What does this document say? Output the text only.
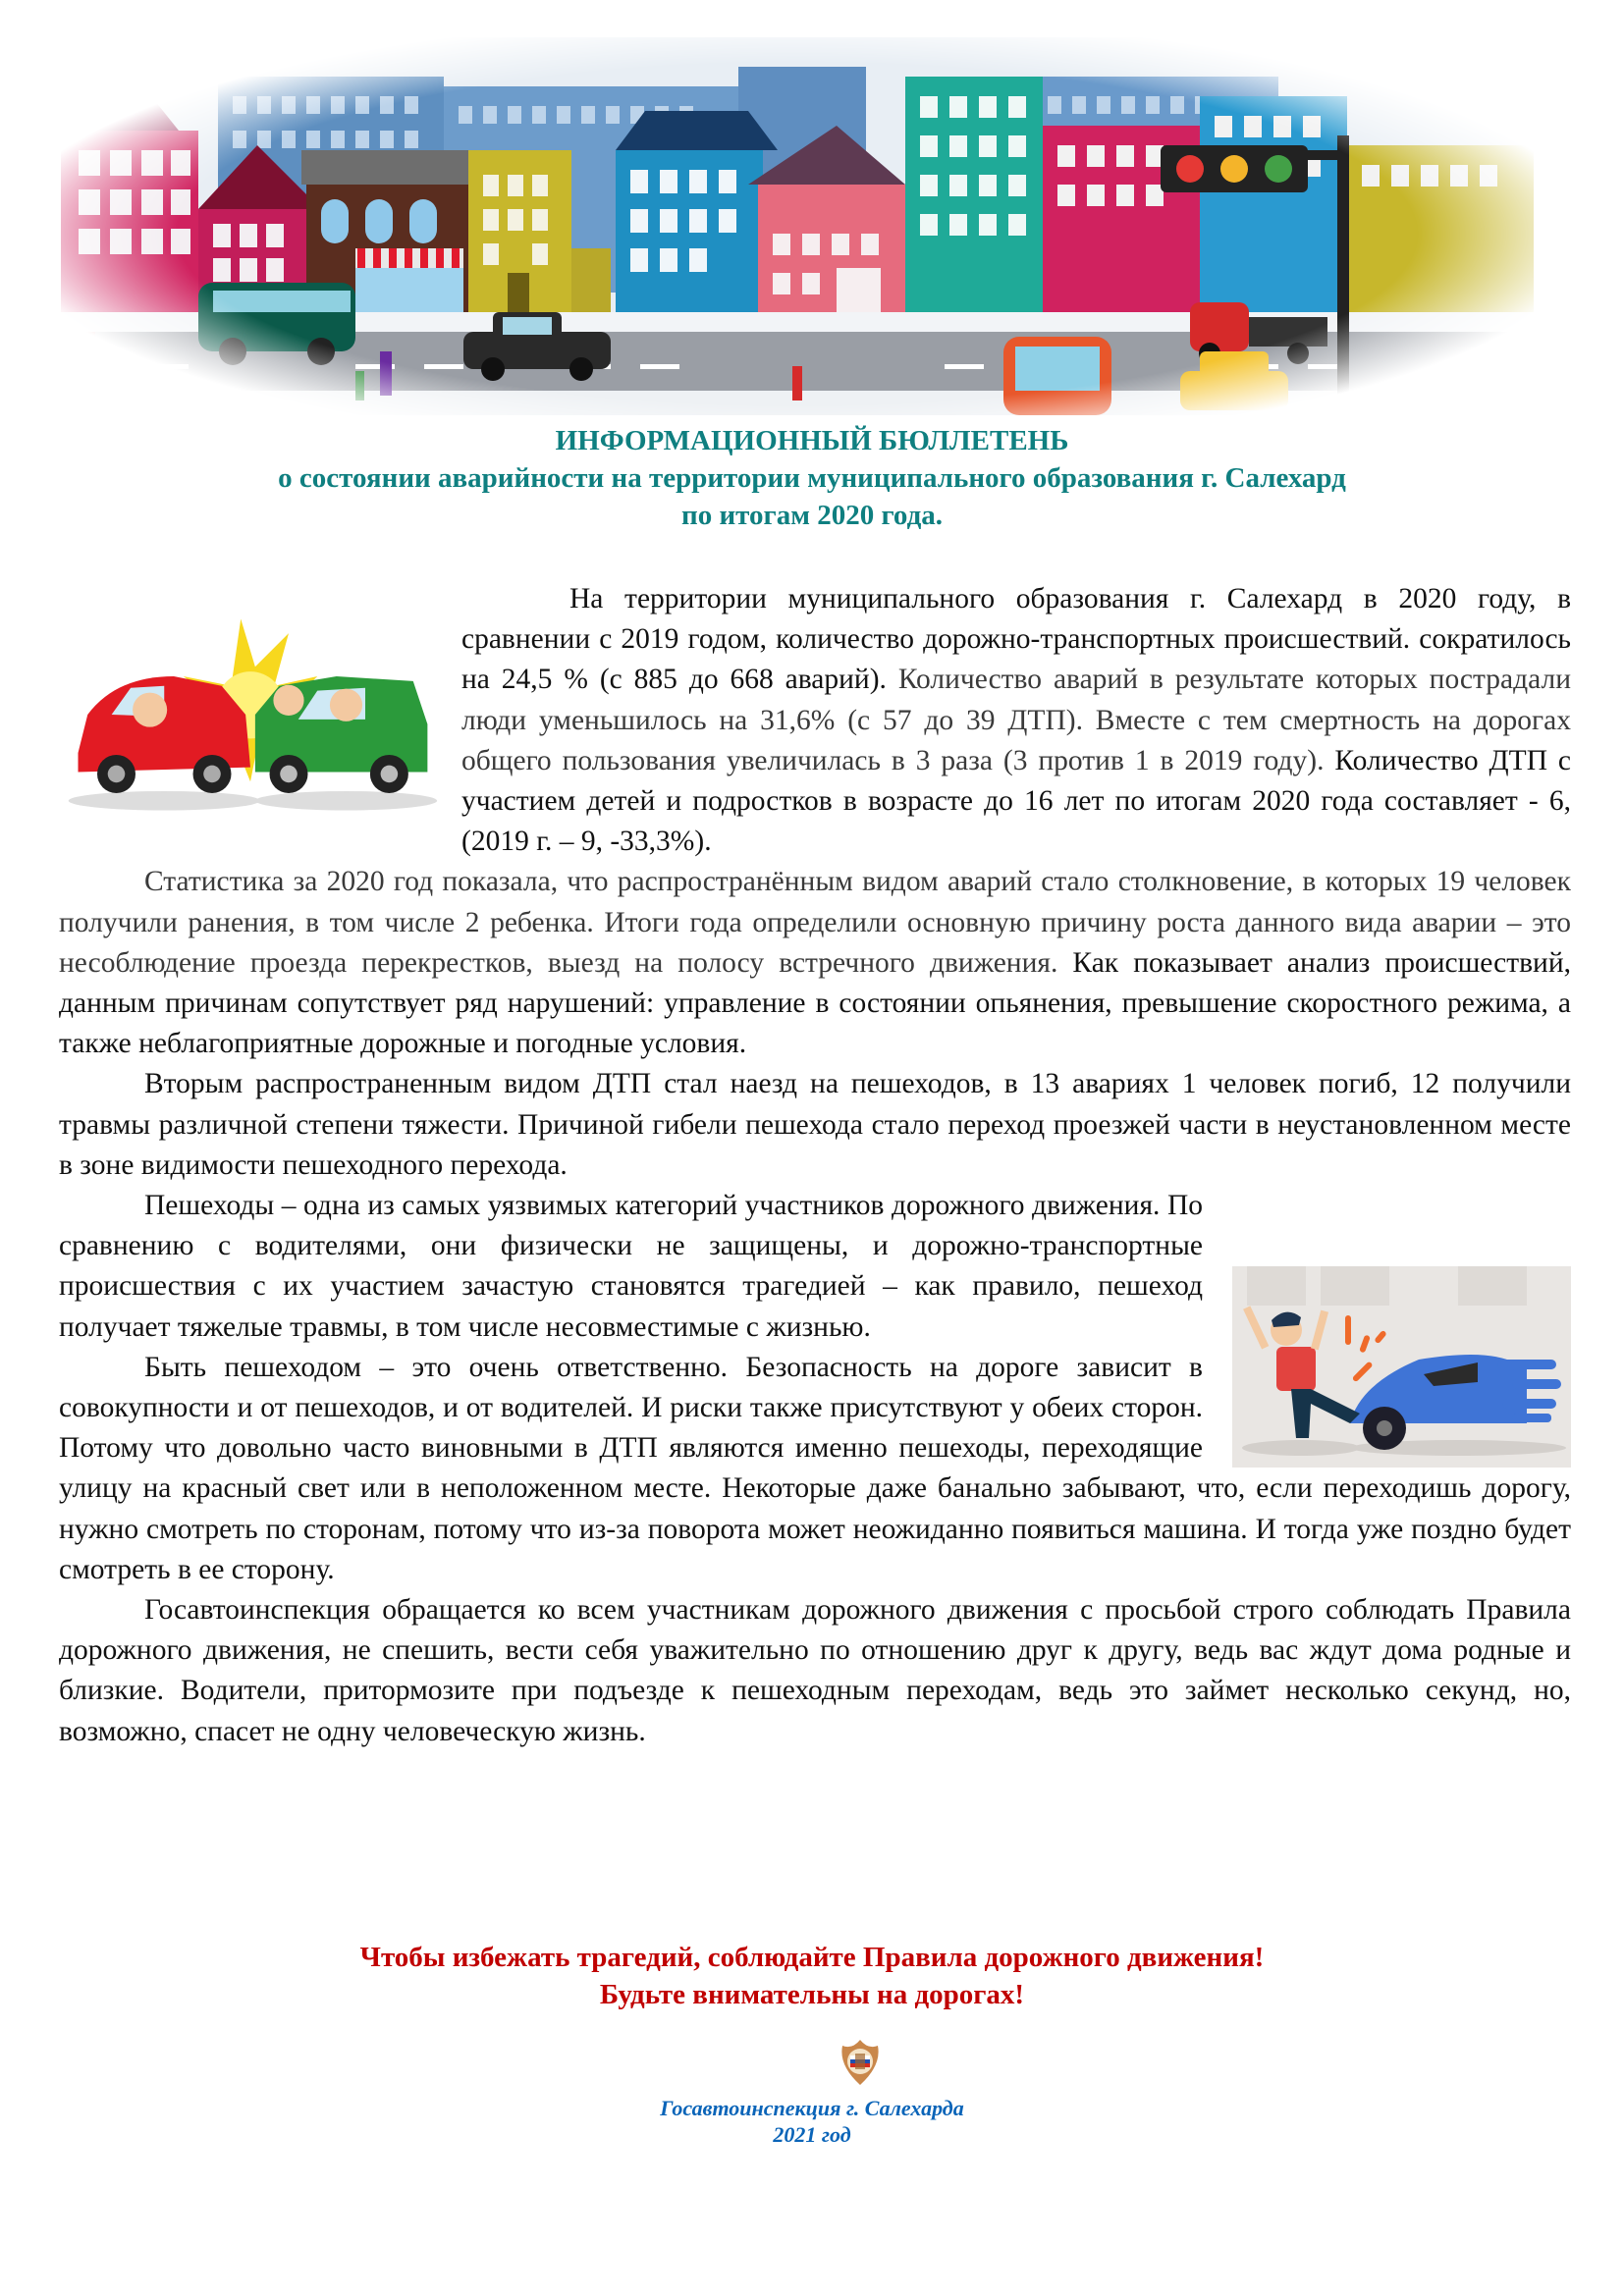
ИНФОРМАЦИОННЫЙ БЮЛЛЕТЕНЬ
о состоянии аварийности на территории муниципального образования г. Салехард
по итогам 2020 года.

На территории муниципального образования г. Салехард в 2020 году, в сравнении с 2019 годом, количество дорожно-транспортных происшествий. сократилось на 24,5 % (с 885 до 668 аварий). Количество аварий в результате которых пострадали люди уменьшилось на 31,6% (с 57 до 39 ДТП). Вместе с тем смертность на дорогах общего пользования увеличилась в 3 раза (3 против 1 в 2019 году). Количество ДТП с участием детей и подростков в возрасте до 16 лет по итогам 2020 года составляет - 6, (2019 г. – 9, -33,3%).

Статистика за 2020 год показала, что распространённым видом аварий стало столкновение, в которых 19 человек получили ранения, в том числе 2 ребенка. Итоги года определили основную причину роста данного вида аварии – это несоблюдение проезда перекрестков, выезд на полосу встречного движения. Как показывает анализ происшествий, данным причинам сопутствует ряд нарушений: управление в состоянии опьянения, превышение скоростного режима, а также неблагоприятные дорожные и погодные условия.

Вторым распространенным видом ДТП стал наезд на пешеходов, в 13 авариях 1 человек погиб, 12 получили травмы различной степени тяжести. Причиной гибели пешехода стало переход проезжей части в неустановленном месте в зоне видимости пешеходного перехода.

Пешеходы – одна из самых уязвимых категорий участников дорожного движения. По сравнению с водителями, они физически не защищены, и дорожно-транспортные происшествия с их участием зачастую становятся трагедией – как правило, пешеход получает тяжелые травмы, в том числе несовместимые с жизнью.

Быть пешеходом – это очень ответственно. Безопасность на дороге зависит в совокупности и от пешеходов, и от водителей. И риски также присутствуют у обеих сторон. Потому что довольно часто виновными в ДТП являются именно пешеходы, переходящие улицу на красный свет или в неположенном месте. Некоторые даже банально забывают, что, если переходишь дорогу, нужно смотреть по сторонам, потому что из-за поворота может неожиданно появиться машина. И тогда уже поздно будет смотреть в ее сторону.

Госавтоинспекция обращается ко всем участникам дорожного движения с просьбой строго соблюдать Правила дорожного движения, не спешить, вести себя уважительно по отношению друг к другу, ведь вас ждут дома родные и близкие. Водители, притормозите при подъезде к пешеходным переходам, ведь это займет несколько секунд, но, возможно, спасет не одну человеческую жизнь.

Чтобы избежать трагедий, соблюдайте Правила дорожного движения!
Будьте внимательны на дорогах!
Госавтоинспекция г. Салехарда
2021 год
